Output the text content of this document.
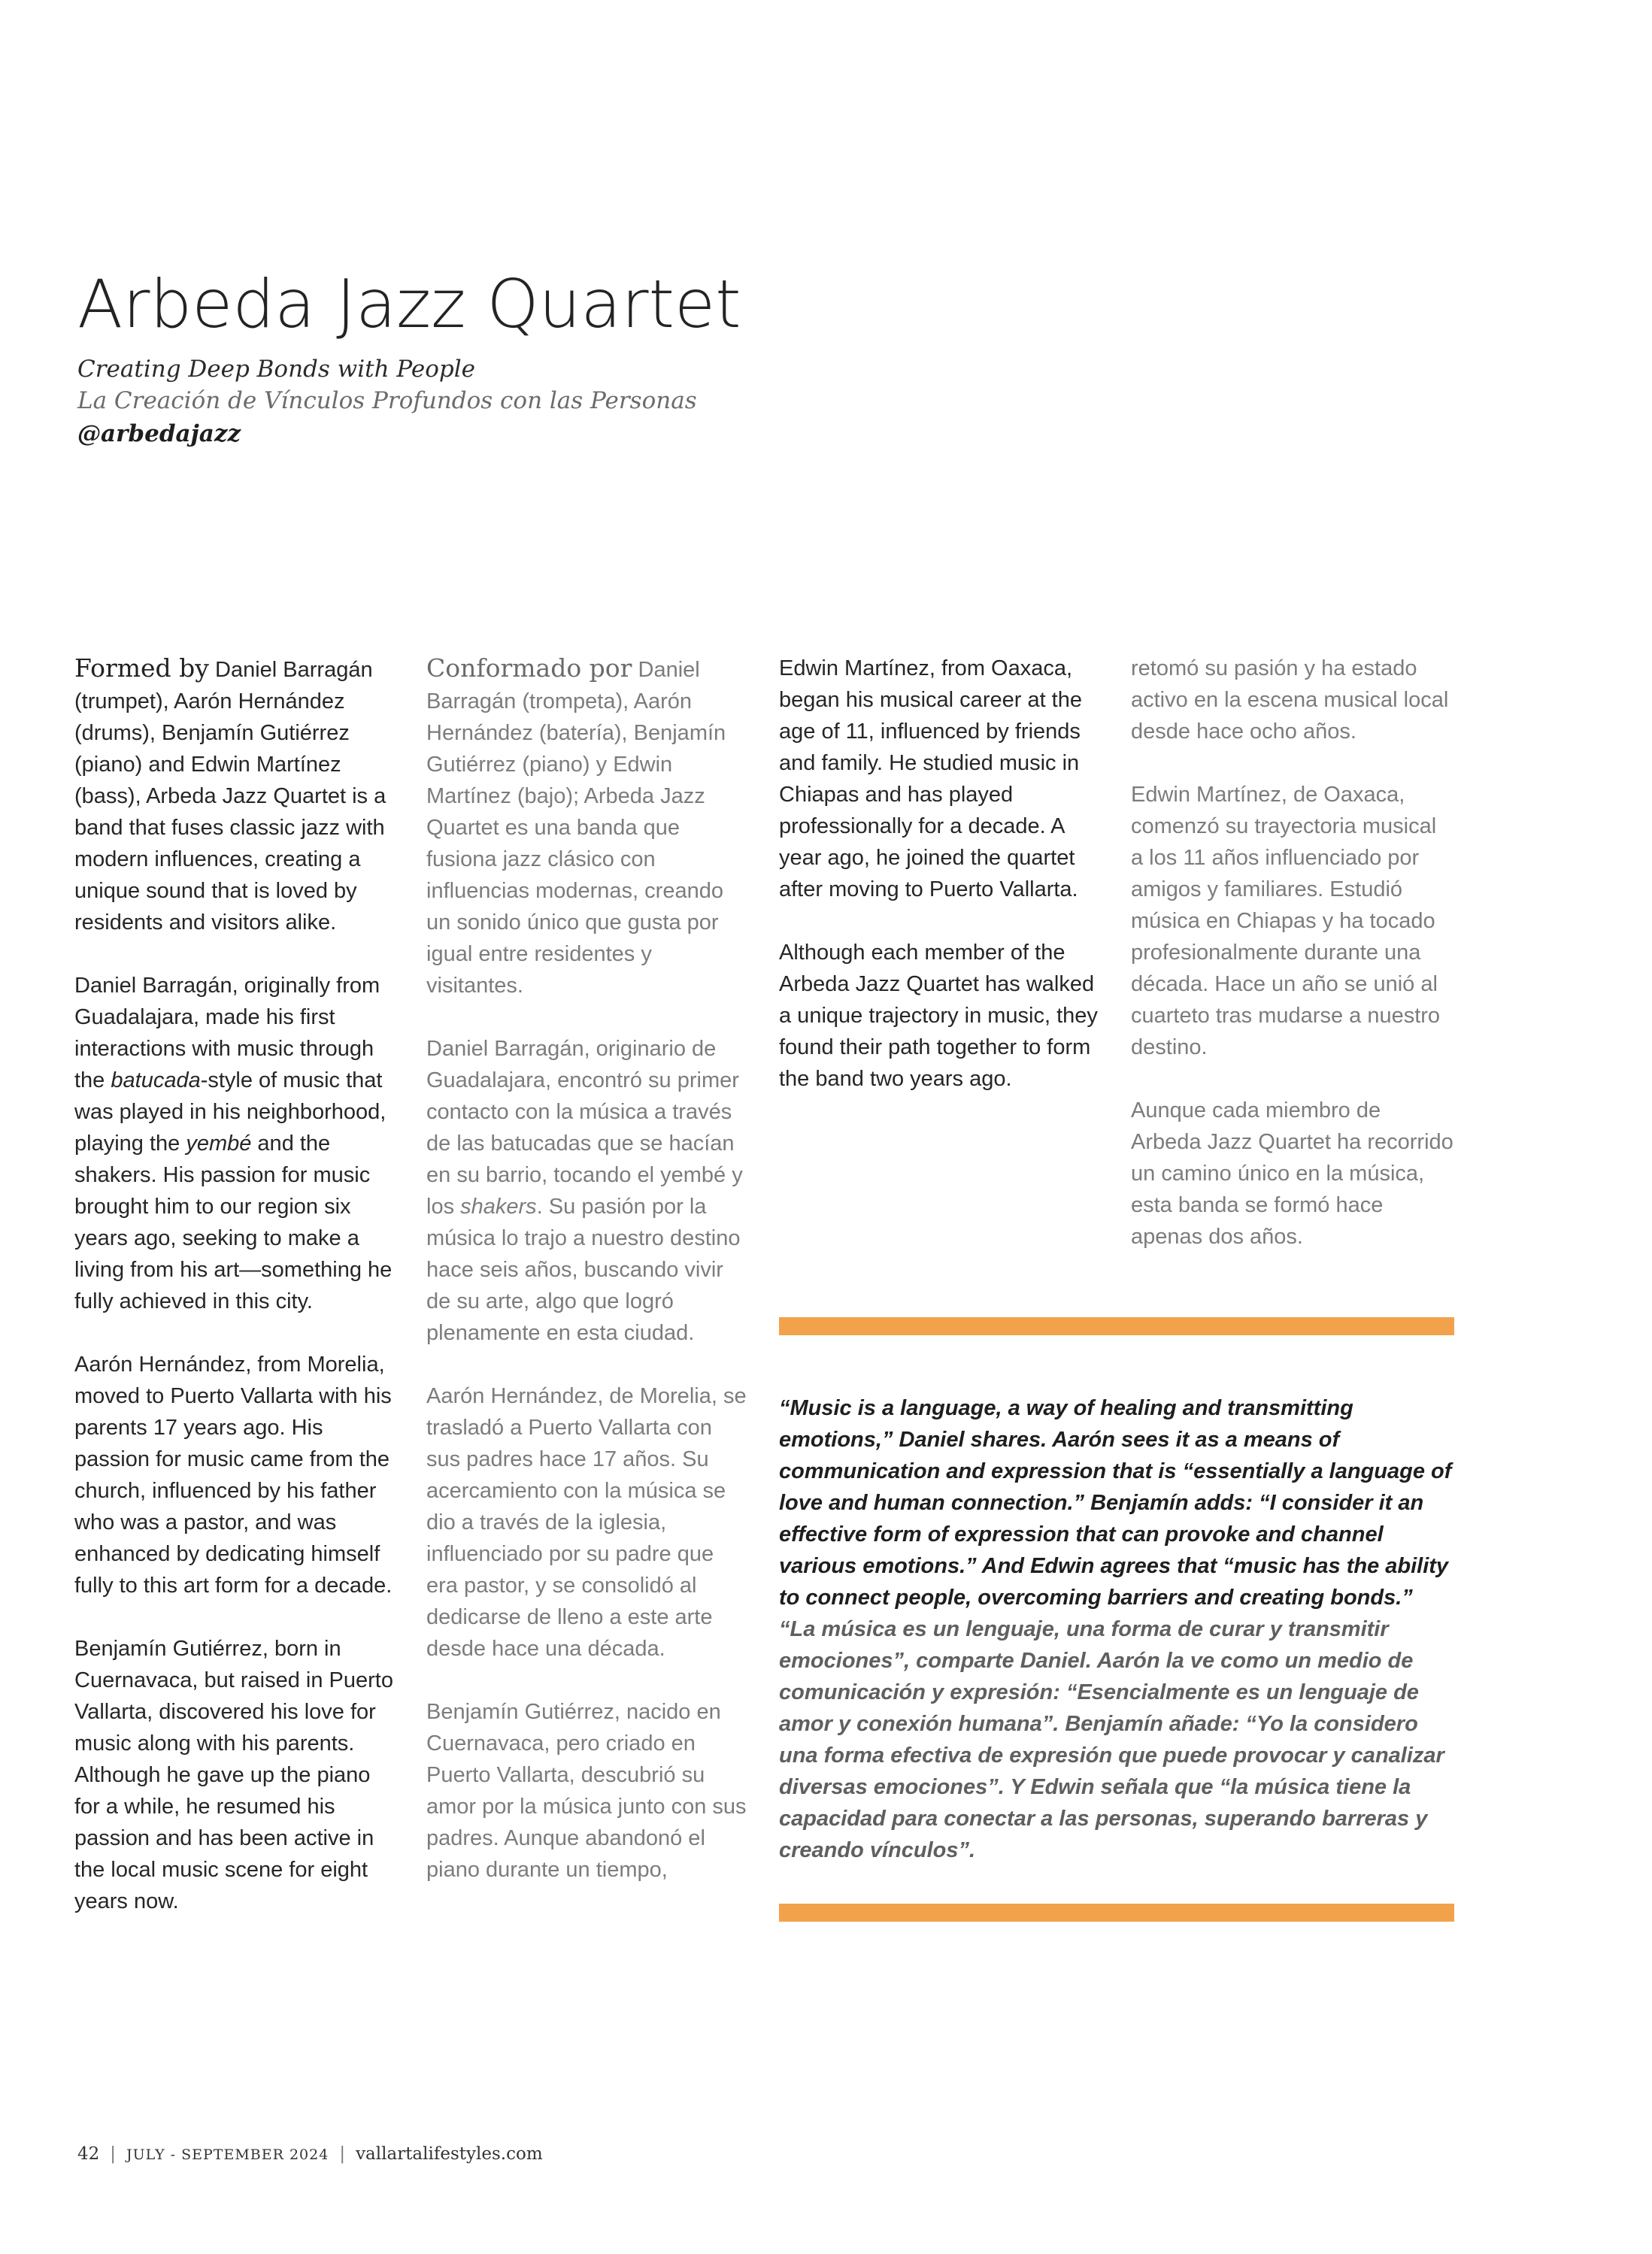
Arbeda Jazz Quartet
Creating Deep Bonds with People
La Creación de Vínculos Profundos con las Personas
@arbedajazz

Formed by Daniel Barragán (trumpet), Aarón Hernández (drums), Benjamín Gutiérrez (piano) and Edwin Martínez (bass), Arbeda Jazz Quartet is a band that fuses classic jazz with modern influences, creating a unique sound that is loved by residents and visitors alike.

Daniel Barragán, originally from Guadalajara, made his first interactions with music through the batucada-style of music that was played in his neighborhood, playing the yembé and the shakers. His passion for music brought him to our region six years ago, seeking to make a living from his art—something he fully achieved in this city.

Aarón Hernández, from Morelia, moved to Puerto Vallarta with his parents 17 years ago. His passion for music came from the church, influenced by his father who was a pastor, and was enhanced by dedicating himself fully to this art form for a decade.

Benjamín Gutiérrez, born in Cuernavaca, but raised in Puerto Vallarta, discovered his love for music along with his parents. Although he gave up the piano for a while, he resumed his passion and has been active in the local music scene for eight years now.

Conformado por Daniel Barragán (trompeta), Aarón Hernández (batería), Benjamín Gutiérrez (piano) y Edwin Martínez (bajo); Arbeda Jazz Quartet es una banda que fusiona jazz clásico con influencias modernas, creando un sonido único que gusta por igual entre residentes y visitantes.

Daniel Barragán, originario de Guadalajara, encontró su primer contacto con la música a través de las batucadas que se hacían en su barrio, tocando el yembé y los shakers. Su pasión por la música lo trajo a nuestro destino hace seis años, buscando vivir de su arte, algo que logró plenamente en esta ciudad.

Aarón Hernández, de Morelia, se trasladó a Puerto Vallarta con sus padres hace 17 años. Su acercamiento con la música se dio a través de la iglesia, influenciado por su padre que era pastor, y se consolidó al dedicarse de lleno a este arte desde hace una década.

Benjamín Gutiérrez, nacido en Cuernavaca, pero criado en Puerto Vallarta, descubrió su amor por la música junto con sus padres. Aunque abandonó el piano durante un tiempo,

Edwin Martínez, from Oaxaca, began his musical career at the age of 11, influenced by friends and family. He studied music in Chiapas and has played professionally for a decade. A year ago, he joined the quartet after moving to Puerto Vallarta.

Although each member of the Arbeda Jazz Quartet has walked a unique trajectory in music, they found their path together to form the band two years ago.

retomó su pasión y ha estado activo en la escena musical local desde hace ocho años.

Edwin Martínez, de Oaxaca, comenzó su trayectoria musical a los 11 años influenciado por amigos y familiares. Estudió música en Chiapas y ha tocado profesionalmente durante una década. Hace un año se unió al cuarteto tras mudarse a nuestro destino.

Aunque cada miembro de Arbeda Jazz Quartet ha recorrido un camino único en la música, esta banda se formó hace apenas dos años.

“Music is a language, a way of healing and transmitting emotions,” Daniel shares. Aarón sees it as a means of communication and expression that is “essentially a language of love and human connection.” Benjamín adds: “I consider it an effective form of expression that can provoke and channel various emotions.” And Edwin agrees that “music has the ability to connect people, overcoming barriers and creating bonds.”

“La música es un lenguaje, una forma de curar y transmitir emociones”, comparte Daniel. Aarón la ve como un medio de comunicación y expresión: “Esencialmente es un lenguaje de amor y conexión humana”. Benjamín añade: “Yo la considero una forma efectiva de expresión que puede provocar y canalizar diversas emociones”. Y Edwin señala que “la música tiene la capacidad para conectar a las personas, superando barreras y creando vínculos”.

42 | JULY - SEPTEMBER 2024 | vallartalifestyles.com
